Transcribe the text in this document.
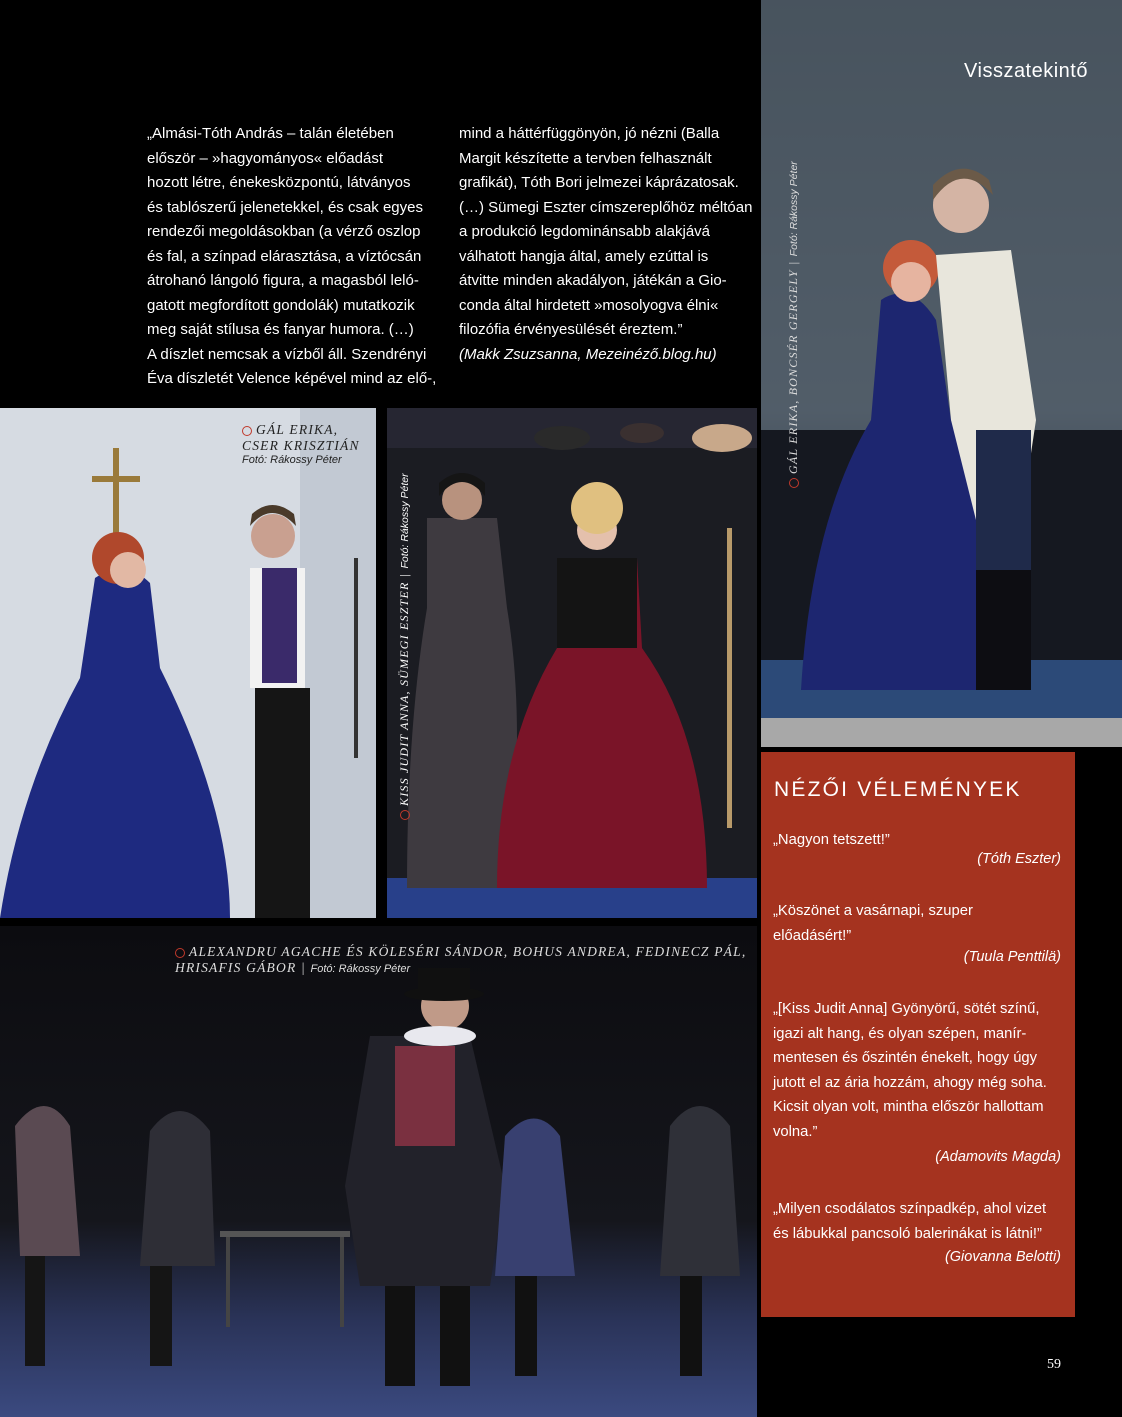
Visszatekintő
GÁL ERIKA, BONCSÉR GERGELY | Fotó: Rákossy Péter
„Almási-Tóth András – talán életében
először – »hagyományos« előadást
hozott létre, énekesközpontú, látványos
és tablószerű jelenetekkel, és csak egyes
rendezői megoldásokban (a vérző oszlop
és fal, a színpad elárasztása, a víztócsán
átrohanó lángoló figura, a magasból leló-
gatott megfordított gondolák) mutatkozik
meg saját stílusa és fanyar humora. (…)
A díszlet nemcsak a vízből áll. Szendrényi
Éva díszletét Velence képével mind az elő-,
mind a háttérfüggönyön, jó nézni (Balla
Margit készítette a tervben felhasznált
grafikát), Tóth Bori jelmezei káprázatosak.
(…) Sümegi Eszter címszereplőhöz méltóan
a produkció legdominánsabb alakjává
válhatott hangja által, amely ezúttal is
átvitte minden akadályon, játékán a Gio-
conda által hirdetett »mosolyogva élni«
filozófia érvényesülését éreztem.”
(Makk Zsuzsanna, Mezeinéző.blog.hu)
GÁL ERIKA,
CSER KRISZTIÁN
Fotó: Rákossy Péter
KISS JUDIT ANNA, SÜMEGI ESZTER | Fotó: Rákossy Péter
ALEXANDRU AGACHE ÉS KÖLESÉRI SÁNDOR, BOHUS ANDREA, FEDINECZ PÁL,
HRISAFIS GÁBOR | Fotó: Rákossy Péter
NÉZŐI VÉLEMÉNYEK
„Nagyon tetszett!”
(Tóth Eszter)
„Köszönet a vasárnapi, szuper
előadásért!”
(Tuula Penttilä)
„[Kiss Judit Anna] Gyönyörű, sötét színű,
igazi alt hang, és olyan szépen, manír-
mentesen és őszintén énekelt, hogy úgy
jutott el az ária hozzám, ahogy még soha.
Kicsit olyan volt, mintha először hallottam
volna.”
(Adamovits Magda)
„Milyen csodálatos színpadkép, ahol vizet
és lábukkal pancsoló balerinákat is látni!”
(Giovanna Belotti)
59
